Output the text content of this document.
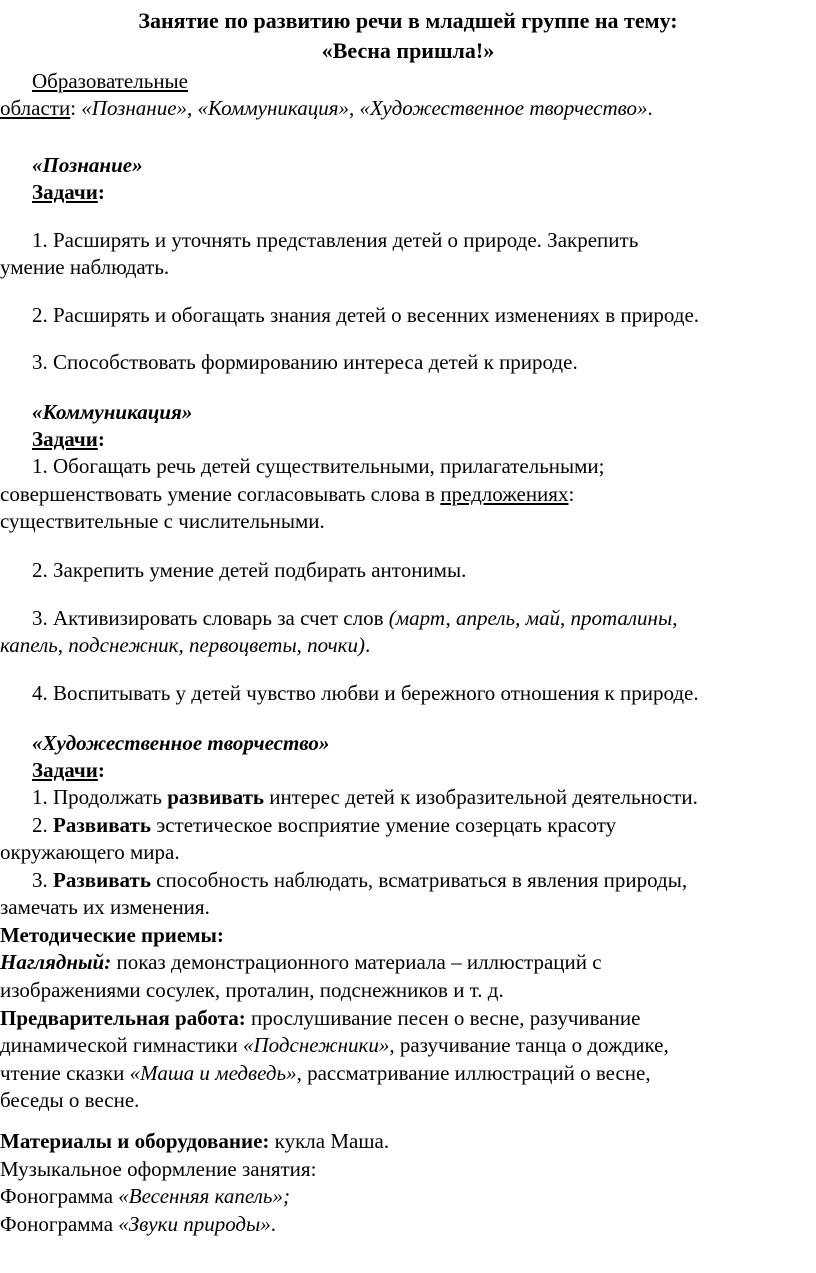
Занятие по развитию речи в младшей группе на тему:
«Весна пришла!»
Образовательные
области: «Познание», «Коммуникация», «Художественное творчество».
«Познание»
Задачи:
1. Расширять и уточнять представления детей о природе. Закрепить
умение наблюдать.
2. Расширять и обогащать знания детей о весенних изменениях в природе.
3. Способствовать формированию интереса детей к природе.
«Коммуникация»
Задачи:
1. Обогащать речь детей существительными, прилагательными;
совершенствовать умение согласовывать слова в предложениях:
существительные с числительными.
2. Закрепить умение детей подбирать антонимы.
3. Активизировать словарь за счет слов (март, апрель, май, проталины,
капель, подснежник, первоцветы, почки).
4. Воспитывать у детей чувство любви и бережного отношения к природе.
«Художественное творчество»
Задачи:
1. Продолжать развивать интерес детей к изобразительной деятельности.
2. Развивать эстетическое восприятие умение созерцать красоту
окружающего мира.
3. Развивать способность наблюдать, всматриваться в явления природы,
замечать их изменения.
Методические приемы:
Наглядный: показ демонстрационного материала – иллюстраций с
изображениями сосулек, проталин, подснежников и т. д.
Предварительная работа: прослушивание песен о весне, разучивание
динамической гимнастики «Подснежники», разучивание танца о дождике,
чтение сказки «Маша и медведь», рассматривание иллюстраций о весне,
беседы о весне.
Материалы и оборудование: кукла Маша.
Музыкальное оформление занятия:
Фонограмма «Весенняя капель»;
Фонограмма «Звуки природы».
